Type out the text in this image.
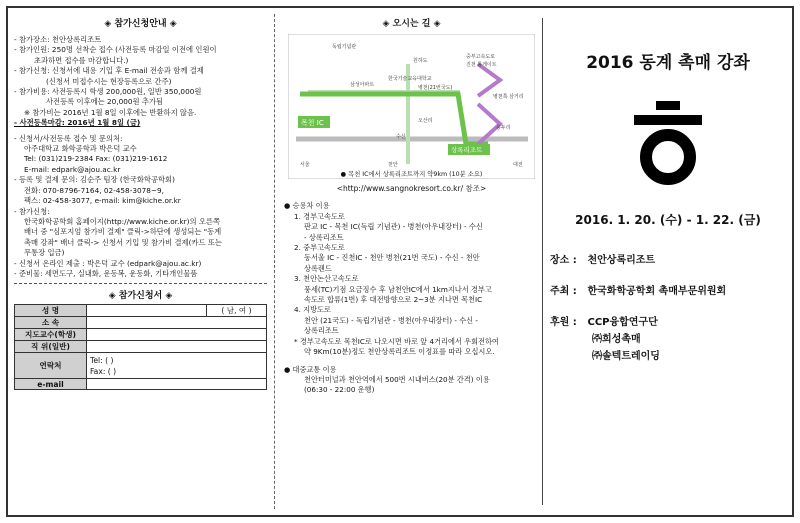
◈ 참가신청안내 ◈
- 참가장소: 천안상록리조트
- 참가인원: 250명 선착순 접수 (사전등록 마감일 이전에 인원이
초과하면 접수를 마감합니다.)
- 참가신청: 신청서에 내용 기입 후 E-mail 전송과 함께 결제
(신청서 미접수시는 현장등록으로 간주)
- 참가비용: 사전등록시 학생 200,000원, 일반 350,000원
사전등록 이후에는 20,000원 추가됨
※ 참가비는 2016년 1월 8일 이후에는 반환하지 않음.
- 사전등록마감: 2016년 1월 8일 (금)
- 신청서/사전등록 접수 및 문의처:
아주대학교 화학공학과 박은덕 교수
Tel: (031)219-2384 Fax: (031)219-1612
E-mail: edpark@ajou.ac.kr
- 등록 및 결제 문의: 김순주 팀장 (한국화학공학회)
전화: 070-8796-7164, 02-458-3078~9,
팩스: 02-458-3077, e-mail: kim@kiche.or.kr
- 참가신청:
한국화학공학회 홈페이지(http://www.kiche.or.kr)의 오른쪽
배너 중 "심포지엄 참가비 결제" 클릭->하단에 생성되는 "동계
촉매 강좌" 배너 클릭-> 신청서 기입 및 참가비 결제(카드 또는
무통장 입금)
- 신청서 온라인 제출 : 박은덕 교수 (edpark@ajou.ac.kr)
- 준비물: 세면도구, 실내화, 운동복, 운동화, 기타개인물품
◈ 참가신청서 ◈
성 명		( 남, 여 )
소 속		
지도교수(학생)		
직 위(일반)		
연락처	Tel: ( )
Fax: ( )	

e-mail		
◈ 오시는 길 ◈
목천 IC
상록리조트
독립기념관
원하도
중부고속도로
진천 톨게이트
병천쪽 삼거리
용두리
삼성아파트
한국기술교육대학교
병천(21번국도)
오산리
수신
서울	대전
천안
● 목천 IC에서 상록리조트까지 약9km (10분 소요)
<http://www.sangnokresort.co.kr/ 참조>
● 승용차 이용
1. 경부고속도로
판교 IC - 목천 IC(독립 기념관) - 병천(아우내장터) - 수신
- 상록리조트
2. 중부고속도로
동서울 IC - 진천IC - 천안 병천(21번 국도) - 수신 - 천안
상록랜드
3. 천안논산고속도로
풍세(TC)기점 요금징수 후 남천안IC에서 1km지나서 경부고
속도로 합류(1번) 후 대전방향으로 2~3분 지나면 목천IC
4. 지방도로
천안 (21국도) - 독립기념관 - 병천(아우내장터) - 수신 -
상록리조트
* 경부고속도로 목천IC로 나오시면 바로 앞 4거리에서 우회전하여
약 9Km(10분)정도 천안상록리조트 이정표를 따라 오십시오.
● 대중교통 이용
천안터미널과 천안역에서 500번 시내버스(20분 간격) 이용
(06:30 - 22:00 운행)
2016 동계 촉매 강좌
2016. 1. 20. (수) - 1. 22. (금)
장소 : 천안상록리조트
주최 : 한국화학공학회 촉매부문위원회
후원 : CCP융합연구단
㈜희성촉매
㈜솔텍트레이딩
